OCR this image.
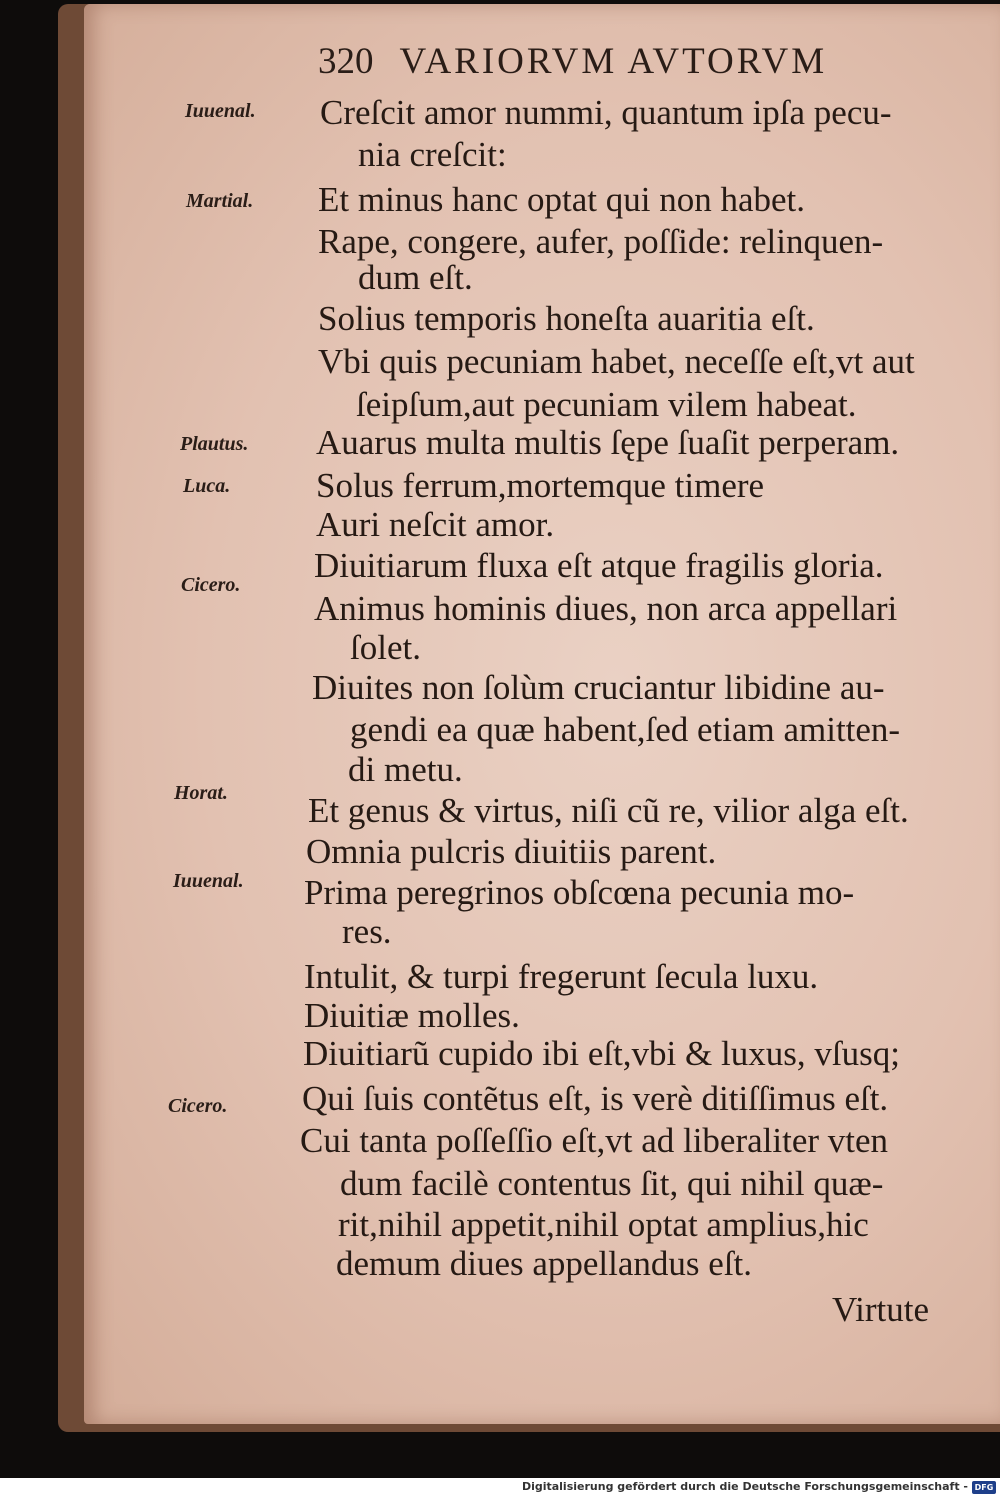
320 VARIORVM AVTORVM

Iuuenal.

Martial.

Plautus.

Luca.

Cicero.

Horat.

Iuuenal.

Cicero.

Creſcit amor nummi, quantum ipſa pecu-

nia creſcit:

Et minus hanc optat qui non habet.

Rape, congere, aufer, poſſide: relinquen-

dum eſt.

Solius temporis honeſta auaritia eſt.

Vbi quis pecuniam habet, neceſſe eſt,vt aut

ſeipſum,aut pecuniam vilem habeat.

Auarus multa multis ſępe ſuaſit perperam.

Solus ferrum,mortemque timere

Auri neſcit amor.

Diuitiarum fluxa eſt atque fragilis gloria.

Animus hominis diues, non arca appellari

ſolet.

Diuites non ſolùm cruciantur libidine au-

gendi ea quæ habent,ſed etiam amitten-

di metu.

Et genus & virtus, niſi cũ re, vilior alga eſt.

Omnia pulcris diuitiis parent.

Prima peregrinos obſcœna pecunia mo-

res.

Intulit, & turpi fregerunt ſecula luxu.

Diuitiæ molles.

Diuitiarũ cupido ibi eſt,vbi & luxus, vſusq;

Qui ſuis contẽtus eſt, is verè ditiſſimus eſt.

Cui tanta poſſeſſio eſt,vt ad liberaliter vten

dum facilè contentus ſit, qui nihil quæ-

rit,nihil appetit,nihil optat amplius,hic

demum diues appellandus eſt.

Virtute

Digitalisierung gefördert durch die Deutsche Forschungsgemeinschaft - DFG
